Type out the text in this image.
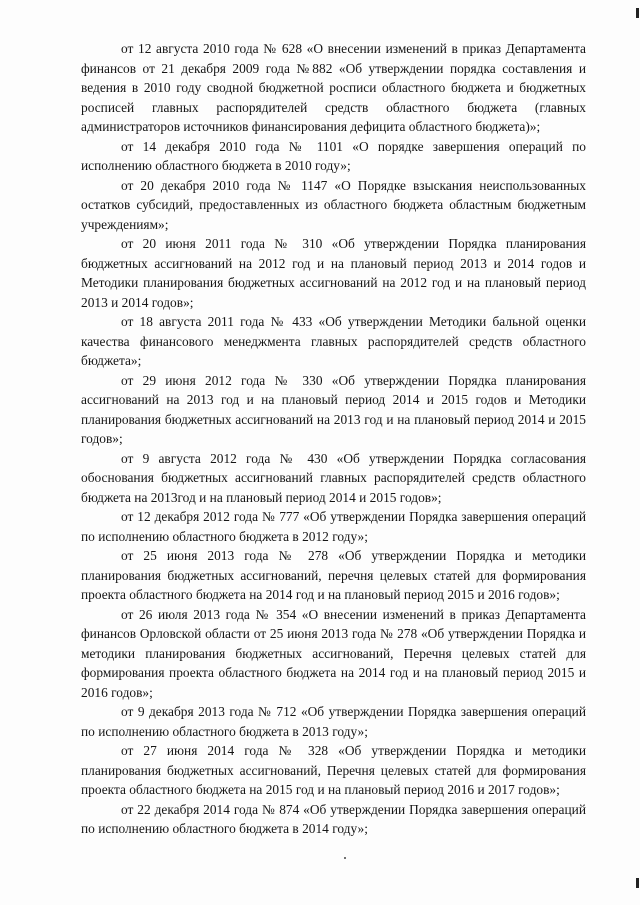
от 12 августа 2010 года № 628 «О внесении изменений в приказ Департамента финансов от 21 декабря 2009 года №882 «Об утверждении порядка составления и ведения в 2010 году сводной бюджетной росписи областного бюджета и бюджетных росписей главных распорядителей средств областного бюджета (главных администраторов источников финансирования дефицита областного бюджета)»;

от 14 декабря 2010 года № 1101 «О порядке завершения операций по исполнению областного бюджета в 2010 году»;

от 20 декабря 2010 года № 1147 «О Порядке взыскания неиспользованных остатков субсидий, предоставленных из областного бюджета областным бюджетным учреждениям»;

от 20 июня 2011 года № 310 «Об утверждении Порядка планирования бюджетных ассигнований на 2012 год и на плановый период 2013 и 2014 годов и Методики планирования бюджетных ассигнований на 2012 год и на плановый период 2013 и 2014 годов»;

от 18 августа 2011 года № 433 «Об утверждении Методики бальной оценки качества финансового менеджмента главных распорядителей средств областного бюджета»;

от 29 июня 2012 года № 330 «Об утверждении Порядка планирования ассигнований на 2013 год и на плановый период 2014 и 2015 годов и Методики планирования бюджетных ассигнований на 2013 год и на плановый период 2014 и 2015 годов»;

от 9 августа 2012 года № 430 «Об утверждении Порядка согласования обоснования бюджетных ассигнований главных распорядителей средств областного бюджета на 2013год и на плановый период 2014 и 2015 годов»;

от 12 декабря 2012 года № 777 «Об утверждении Порядка завершения операций по исполнению областного бюджета в 2012 году»;

от 25 июня 2013 года № 278 «Об утверждении Порядка и методики планирования бюджетных ассигнований, перечня целевых статей для формирования проекта областного бюджета на 2014 год и на плановый период 2015 и 2016 годов»;

от 26 июля 2013 года № 354 «О внесении изменений в приказ Департамента финансов Орловской области от 25 июня 2013 года № 278 «Об утверждении Порядка и методики планирования бюджетных ассигнований, Перечня целевых статей для формирования проекта областного бюджета на 2014 год и на плановый период 2015 и 2016 годов»;

от 9 декабря 2013 года № 712 «Об утверждении Порядка завершения операций по исполнению областного бюджета в 2013 году»;

от 27 июня 2014 года № 328 «Об утверждении Порядка и методики планирования бюджетных ассигнований, Перечня целевых статей для формирования проекта областного бюджета на 2015 год и на плановый период 2016 и 2017 годов»;

от 22 декабря 2014 года № 874 «Об утверждении Порядка завершения операций по исполнению областного бюджета в 2014 году»;
